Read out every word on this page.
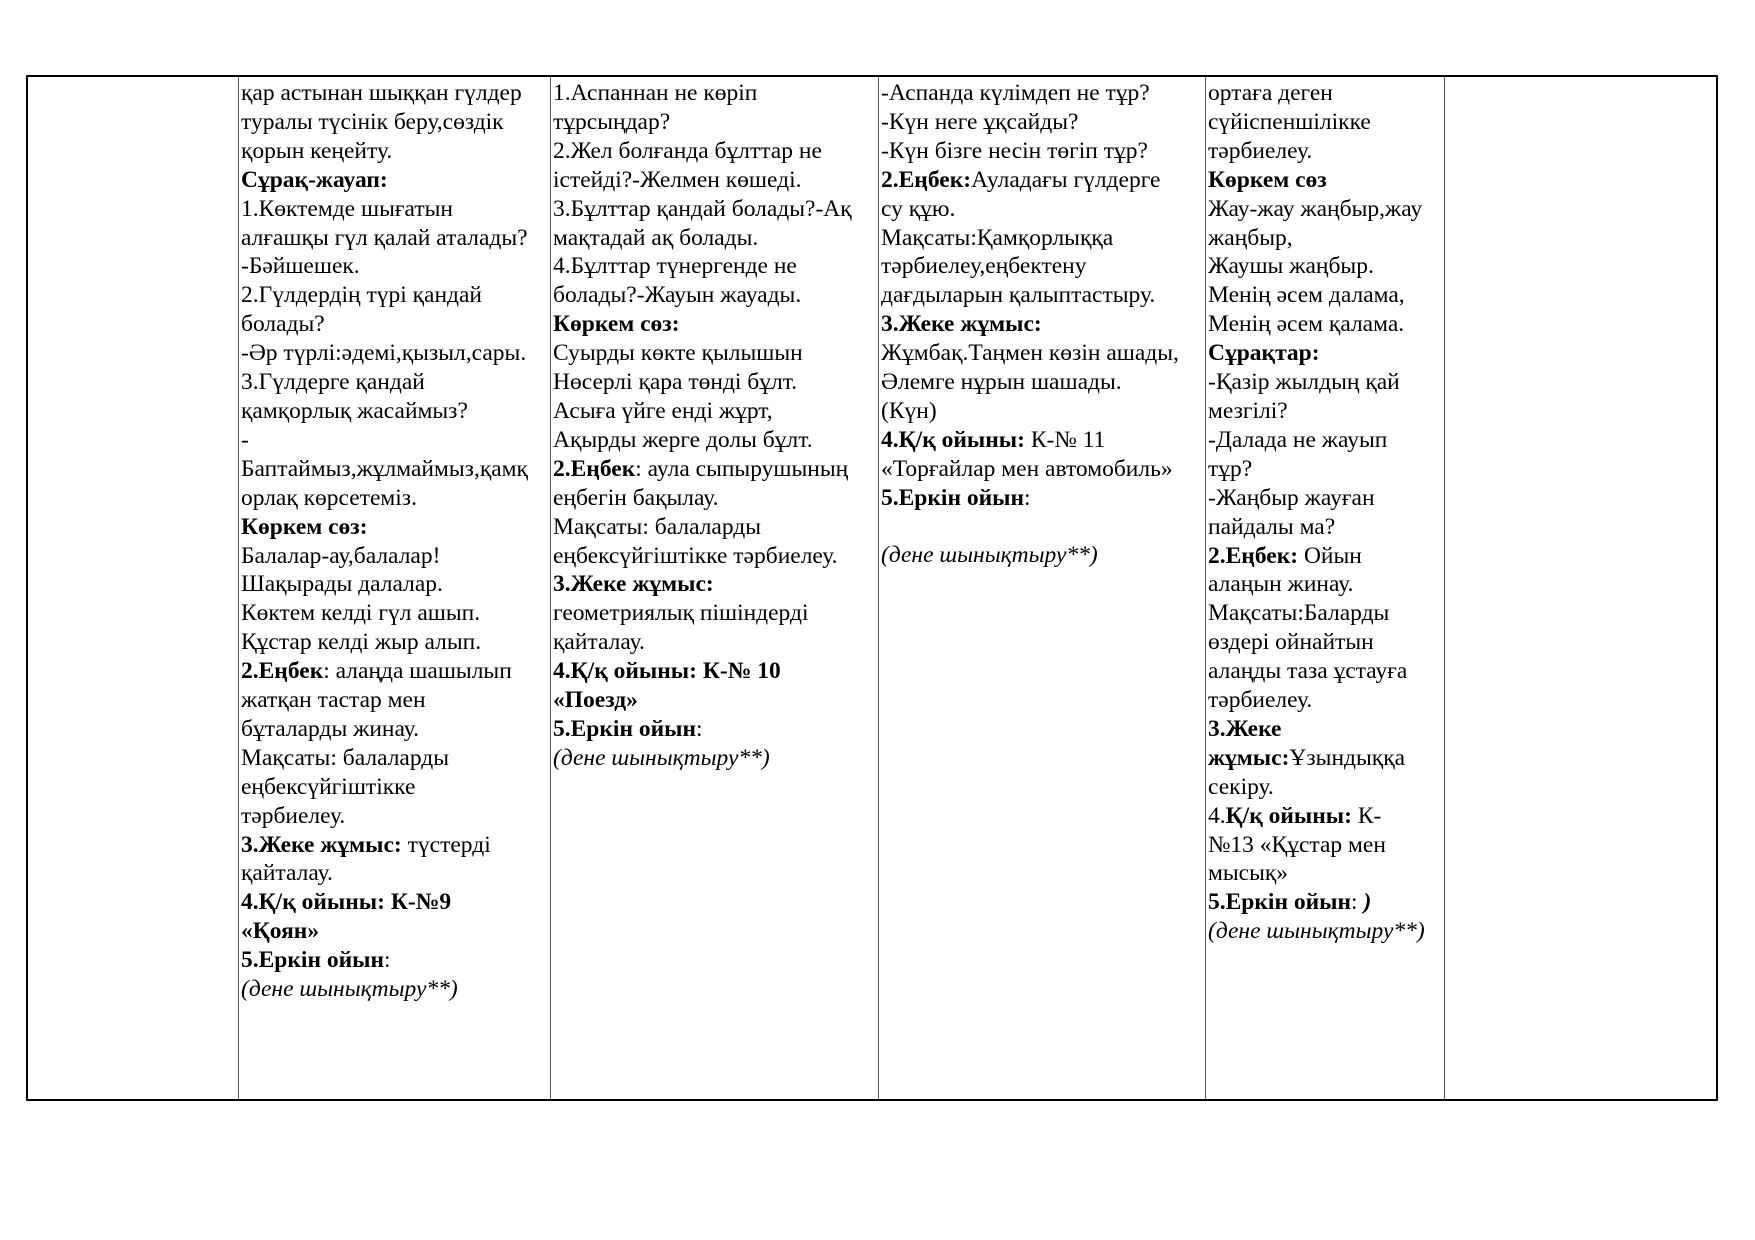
қар астынан шыққан гүлдер
туралы түсінік беру,сөздік
қорын кеңейту.
Сұрақ-жауап:
1.Көктемде шығатын
алғашқы гүл қалай аталады?
-Бәйшешек.
2.Гүлдердің түрі қандай
болады?
-Әр түрлі:әдемі,қызыл,сары.
3.Гүлдерге қандай
қамқорлық жасаймыз?
-
Баптаймыз,жұлмаймыз,қамқ
орлақ көрсетеміз.
Көркем сөз:
Балалар-ау,балалар!
Шақырады далалар.
Көктем келді гүл ашып.
Құстар келді жыр алып.
2.Еңбек: алаңда шашылып
жатқан тастар мен
бұталарды жинау.
Мақсаты: балаларды
еңбексүйгіштікке
тәрбиелеу.
3.Жеке жұмыс: түстерді
қайталау.
4.Қ/қ ойыны: К-№9
«Қоян»
5.Еркін ойын:
(дене шынықтыру**)
1.Аспаннан не көріп
тұрсыңдар?
2.Жел болғанда бұлттар не
істейді?-Желмен көшеді.
3.Бұлттар қандай болады?-Ақ
мақтадай ақ болады.
4.Бұлттар түнергенде не
болады?-Жауын жауады.
Көркем сөз:
Суырды көкте қылышын
Нөсерлі қара төнді бұлт.
Асыға үйге енді жұрт,
Ақырды жерге долы бұлт.
2.Еңбек: аула сыпырушының
еңбегін бақылау.
Мақсаты: балаларды
еңбексүйгіштікке тәрбиелеу.
3.Жеке жұмыс:
геометриялық пішіндерді
қайталау.
4.Қ/қ ойыны: К-№ 10
«Поезд»
5.Еркін ойын:
(дене шынықтыру**)
-Аспанда күлімдеп не тұр?
-Күн неге ұқсайды?
-Күн бізге несін төгіп тұр?
2.Еңбек:Ауладағы гүлдерге
су құю.
Мақсаты:Қамқорлыққа
тәрбиелеу,еңбектену
дағдыларын қалыптастыру.
3.Жеке жұмыс:
Жұмбақ.Таңмен көзін ашады,
Әлемге нұрын шашады.
(Күн)
4.Қ/қ ойыны: К-№ 11
«Торғайлар мен автомобиль»
5.Еркін ойын:
(дене шынықтыру**)
ортаға деген
сүйіспеншілікке
тәрбиелеу.
Көркем сөз
Жау-жау жаңбыр,жау
жаңбыр,
Жаушы жаңбыр.
Менің әсем далама,
Менің әсем қалама.
Сұрақтар:
-Қазір жылдың қай
мезгілі?
-Далада не жауып
тұр?
-Жаңбыр жауған
пайдалы ма?
2.Еңбек: Ойын
алаңын жинау.
Мақсаты:Баларды
өздері ойнайтын
алаңды таза ұстауға
тәрбиелеу.
3.Жеке
жұмыс:Ұзындыққа
секіру.
4.Қ/қ ойыны: К-
№13 «Құстар мен
мысық»
5.Еркін ойын: )
(дене шынықтыру**)
